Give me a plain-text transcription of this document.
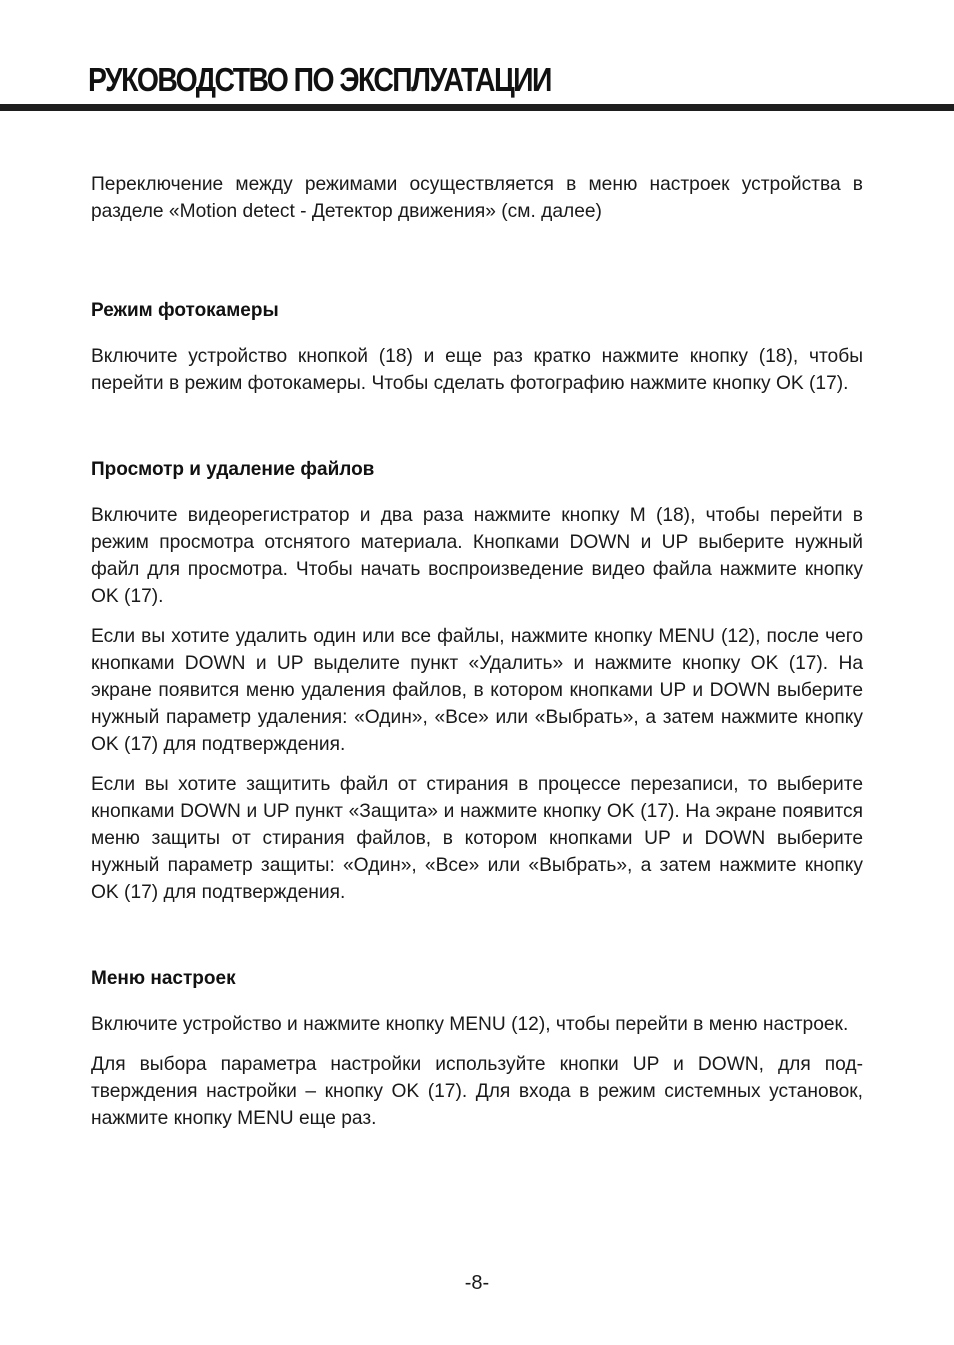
РУКОВОДСТВО ПО ЭКСПЛУАТАЦИИ

Переключение между режимами осуществляется в меню настроек устройства в разделе «Motion detect - Детектор движения» (см. далее)

Режим фотокамеры

Включите устройство кнопкой (18) и еще раз кратко нажмите кнопку (18), чтобы перейти в режим фотокамеры. Чтобы сделать фотографию нажмите кнопку OK (17).

Просмотр и удаление файлов

Включите видеорегистратор и два раза нажмите кнопку М (18), чтобы перейти в режим просмотра отснятого материала. Кнопками DOWN и UP выберите нужный файл для просмотра. Чтобы начать воспроизведение видео файла нажмите кнопку OK (17).

Если вы хотите удалить один или все файлы, нажмите кнопку MENU (12), после чего кнопками DOWN и UP выделите пункт «Удалить» и нажмите кнопку OK (17). На экране появится меню удаления файлов, в котором кнопками UP и DOWN выберите нужный параметр удаления: «Один», «Все» или «Выбрать», а затем нажмите кнопку OK (17) для подтверждения.

Если вы хотите защитить файл от стирания в процессе перезаписи, то выберите кнопками DOWN и UP пункт «Защита» и нажмите кнопку OK (17). На экране появится меню защиты от стирания файлов, в котором кнопками UP и DOWN выберите нужный параметр защиты: «Один», «Все» или «Выбрать», а затем нажмите кнопку OK (17) для подтверждения.

Меню настроек

Включите устройство и нажмите кнопку MENU (12), чтобы перейти в меню настроек.

Для выбора параметра настройки используйте кнопки UP и DOWN, для подтверждения настройки – кнопку OK (17). Для входа в режим системных установок, нажмите кнопку MENU еще раз.

-8-
